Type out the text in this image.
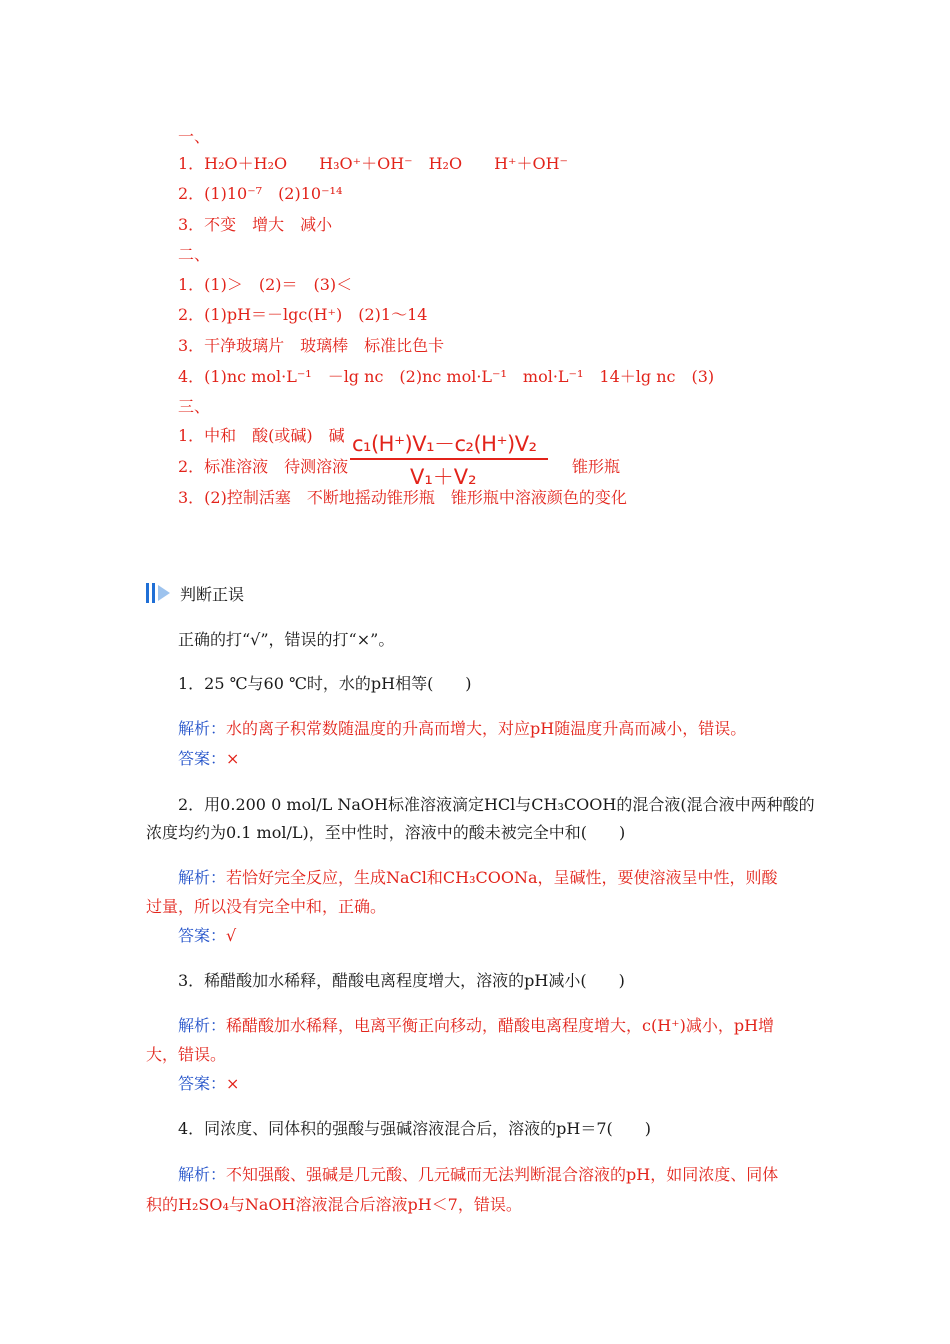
一、
1．H₂O＋H₂O　　H₃O⁺＋OH⁻　H₂O　　H⁺＋OH⁻
2．(1)10⁻⁷　(2)10⁻¹⁴
3．不变　增大　减小
二、
1．(1)＞　(2)＝　(3)＜
2．(1)pH＝－lgc(H⁺)　(2)1～14
3．干净玻璃片　玻璃棒　标准比色卡
4．(1)nc mol·L⁻¹　－lg nc　(2)nc mol·L⁻¹　mol·L⁻¹　14＋lg nc　(3)
三、
1．中和　酸(或碱)　碱
2．标准溶液　待测溶液	锥形瓶
3．(2)控制活塞　不断地摇动锥形瓶　锥形瓶中溶液颜色的变化
c₁(H⁺)V₁－c₂(H⁺)V₂
V₁＋V₂
判断正误
正确的打“√”，错误的打“×”。
1．25 ℃与60 ℃时，水的pH相等(　　)
解析：水的离子积常数随温度的升高而增大，对应pH随温度升高而减小，错误。
答案：×
2．用0.200 0 mol/L NaOH标准溶液滴定HCl与CH₃COOH的混合液(混合液中两种酸的
浓度均约为0.1 mol/L)，至中性时，溶液中的酸未被完全中和(　　)
解析：若恰好完全反应，生成NaCl和CH₃COONa，呈碱性，要使溶液呈中性，则酸
过量，所以没有完全中和，正确。
答案：√
3．稀醋酸加水稀释，醋酸电离程度增大，溶液的pH减小(　　)
解析：稀醋酸加水稀释，电离平衡正向移动，醋酸电离程度增大，c(H⁺)减小，pH增
大，错误。
答案：×
4．同浓度、同体积的强酸与强碱溶液混合后，溶液的pH＝7(　　)
解析：不知强酸、强碱是几元酸、几元碱而无法判断混合溶液的pH，如同浓度、同体
积的H₂SO₄与NaOH溶液混合后溶液pH＜7，错误。
